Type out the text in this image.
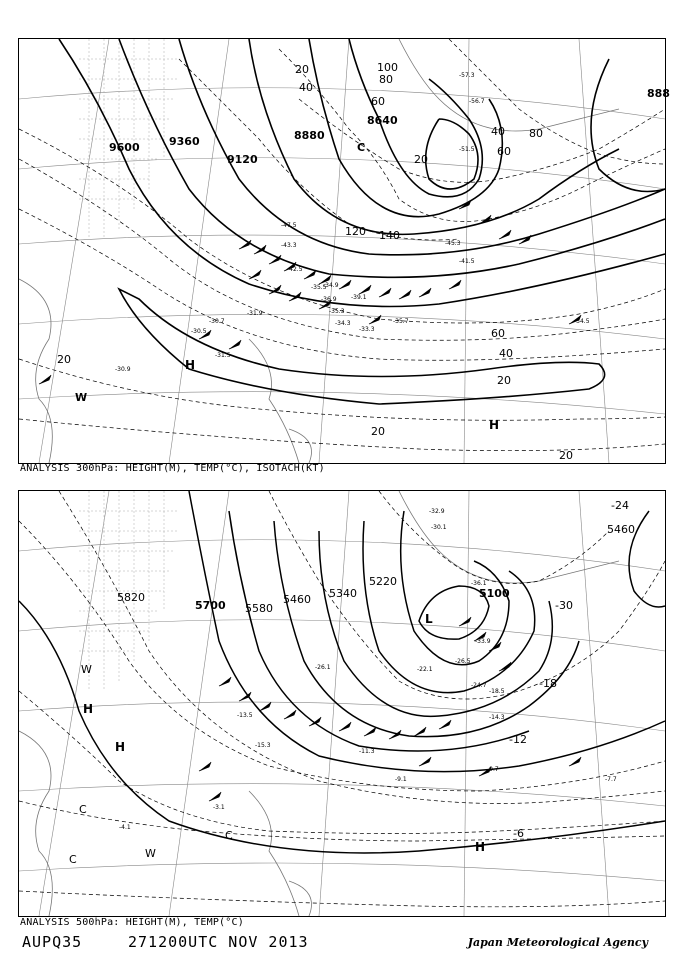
9600	9360
9120
8880
8640
888
20
40
60
80
100
120 140
20
40
60
80
60
40
20
20
20
20
-57.3
-56.7
-51.5
-47.5
-45.3
-41.5
-43.3
-42.5
-35.5
-36.9
-34.9
-39.1
-35.3
-35.7	-34.5
-30.7
-31.5
-30.5	-33.3
-30.9
-31.9
-34.3
H
H
W
C
ANALYSIS 300hPa: HEIGHT(M), TEMP(°C), ISOTACH(KT)
5820
5700 5580
5460 5340
5220
5100
5460
-24
-30
-18
-12
-6
-32.9
-30.1
-36.1
-33.9
-26.5
-24.7
-18.5
-14.3
-9.7
-9.1	-7.7
-3.1
-4.1
-15.3
-13.5
-11.3
-26.1	-22.1
L
H
H
H
W
W
C
C
C
ANALYSIS 500hPa: HEIGHT(M), TEMP(°C)
AUPQ35	271200UTC NOV 2013	Japan Meteorological Agency
